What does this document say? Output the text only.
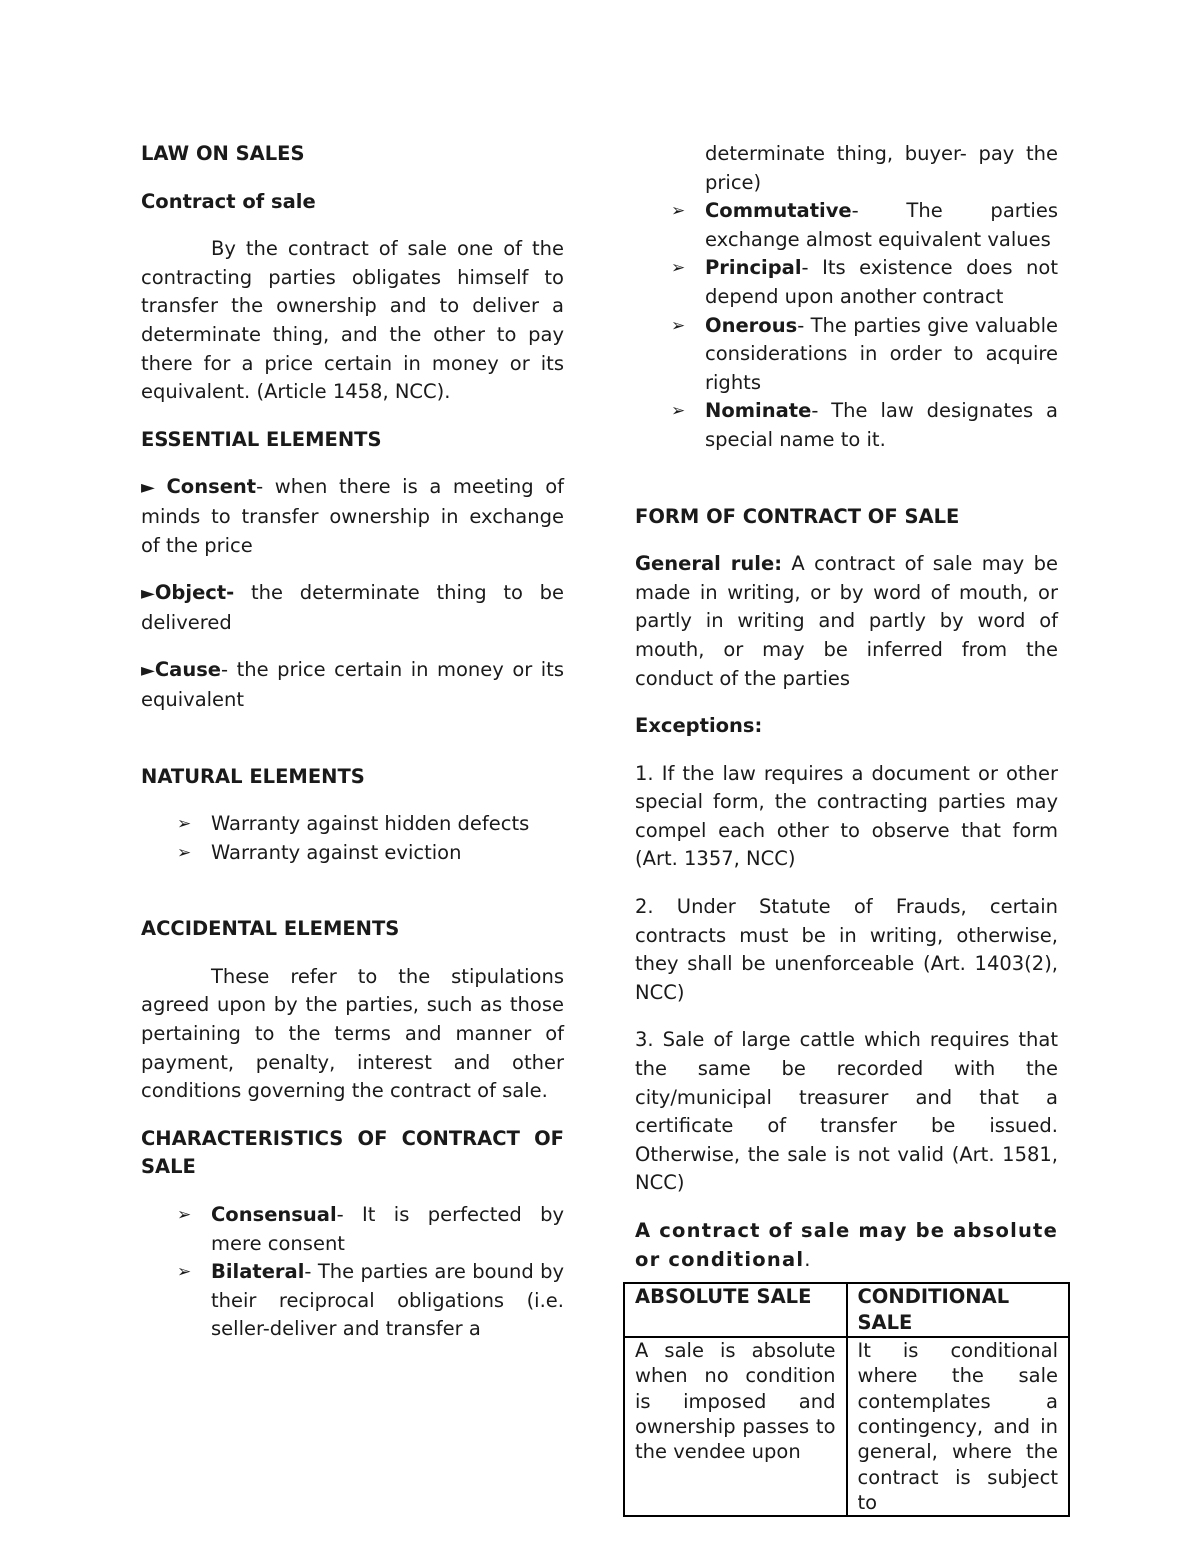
LAW ON SALES

Contract of sale

By the contract of sale one of the contracting parties obligates himself to transfer the ownership and to deliver a determinate thing, and the other to pay there for a price certain in money or its equivalent. (Article 1458, NCC).

ESSENTIAL ELEMENTS

► Consent- when there is a meeting of minds to transfer ownership in exchange of the price

►Object- the determinate thing to be delivered

►Cause- the price certain in money or its equivalent

NATURAL ELEMENTS

➢ Warranty against hidden defects
➢ Warranty against eviction

ACCIDENTAL ELEMENTS

These refer to the stipulations agreed upon by the parties, such as those pertaining to the terms and manner of payment, penalty, interest and other conditions governing the contract of sale.

CHARACTERISTICS OF CONTRACT OF SALE

➢ Consensual- It is perfected by mere consent
➢ Bilateral- The parties are bound by their reciprocal obligations (i.e. seller-deliver and transfer a
determinate thing, buyer- pay the price)
➢ Commutative- The parties exchange almost equivalent values
➢ Principal- Its existence does not depend upon another contract
➢ Onerous- The parties give valuable considerations in order to acquire rights
➢ Nominate- The law designates a special name to it.

FORM OF CONTRACT OF SALE

General rule: A contract of sale may be made in writing, or by word of mouth, or partly in writing and partly by word of mouth, or may be inferred from the conduct of the parties

Exceptions:

1. If the law requires a document or other special form, the contracting parties may compel each other to observe that form (Art. 1357, NCC)

2. Under Statute of Frauds, certain contracts must be in writing, otherwise, they shall be unenforceable (Art. 1403(2), NCC)

3. Sale of large cattle which requires that the same be recorded with the city/municipal treasurer and that a certificate of transfer be issued. Otherwise, the sale is not valid (Art. 1581, NCC)

A contract of sale may be absolute or conditional.

ABSOLUTE SALE	CONDITIONAL SALE
A sale is absolute when no condition is imposed and ownership passes to the vendee upon	It is conditional where the sale contemplates a contingency, and in general, where the contract is subject to
